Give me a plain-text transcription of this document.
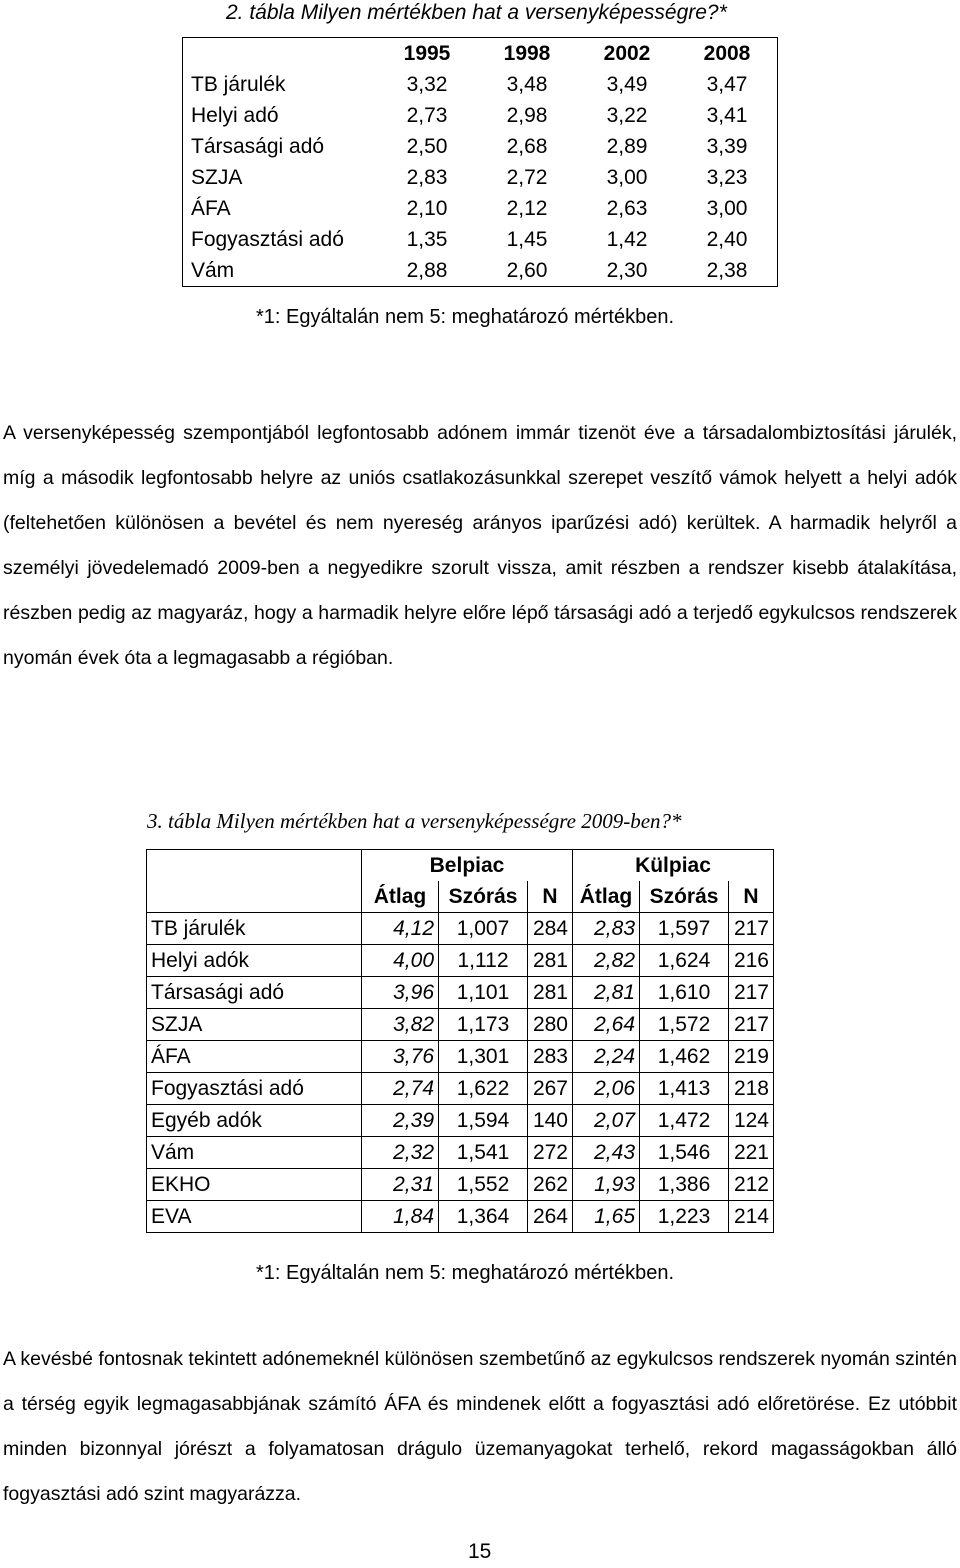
2. tábla Milyen mértékben hat a versenyképességre?*
	1995	1998	2002	2008
TB járulék	3,32	3,48	3,49	3,47
Helyi adó	2,73	2,98	3,22	3,41
Társasági adó	2,50	2,68	2,89	3,39
SZJA	2,83	2,72	3,00	3,23
ÁFA	2,10	2,12	2,63	3,00
Fogyasztási adó	1,35	1,45	1,42	2,40
Vám	2,88	2,60	2,30	2,38
*1: Egyáltalán nem 5: meghatározó mértékben.

A versenyképesség szempontjából legfontosabb adónem immár tizenöt éve a társadalombiztosítási járulék, míg a második legfontosabb helyre az uniós csatlakozásunkkal szerepet veszítő vámok helyett a helyi adók (feltehetően különösen a bevétel és nem nyereség arányos iparűzési adó) kerültek. A harmadik helyről a személyi jövedelemadó 2009-ben a negyedikre szorult vissza, amit részben a rendszer kisebb átalakítása, részben pedig az magyaráz, hogy a harmadik helyre előre lépő társasági adó a terjedő egykulcsos rendszerek nyomán évek óta a legmagasabb a régióban.

3. tábla Milyen mértékben hat a versenyképességre 2009-ben?*
	Belpiac			Külpiac		
	Átlag	Szórás	N	Átlag	Szórás	N
TB járulék	4,12	1,007	284	2,83	1,597	217
Helyi adók	4,00	1,112	281	2,82	1,624	216
Társasági adó	3,96	1,101	281	2,81	1,610	217
SZJA	3,82	1,173	280	2,64	1,572	217
ÁFA	3,76	1,301	283	2,24	1,462	219
Fogyasztási adó	2,74	1,622	267	2,06	1,413	218
Egyéb adók	2,39	1,594	140	2,07	1,472	124
Vám	2,32	1,541	272	2,43	1,546	221
EKHO	2,31	1,552	262	1,93	1,386	212
EVA	1,84	1,364	264	1,65	1,223	214
*1: Egyáltalán nem 5: meghatározó mértékben.

A kevésbé fontosnak tekintett adónemeknél különösen szembetűnő az egykulcsos rendszerek nyomán szintén a térség egyik legmagasabbjának számító ÁFA és mindenek előtt a fogyasztási adó előretörése. Ez utóbbit minden bizonnyal jórészt a folyamatosan drágulo üzemanyagokat terhelő, rekord magasságokban álló fogyasztási adó szint magyarázza.

15
